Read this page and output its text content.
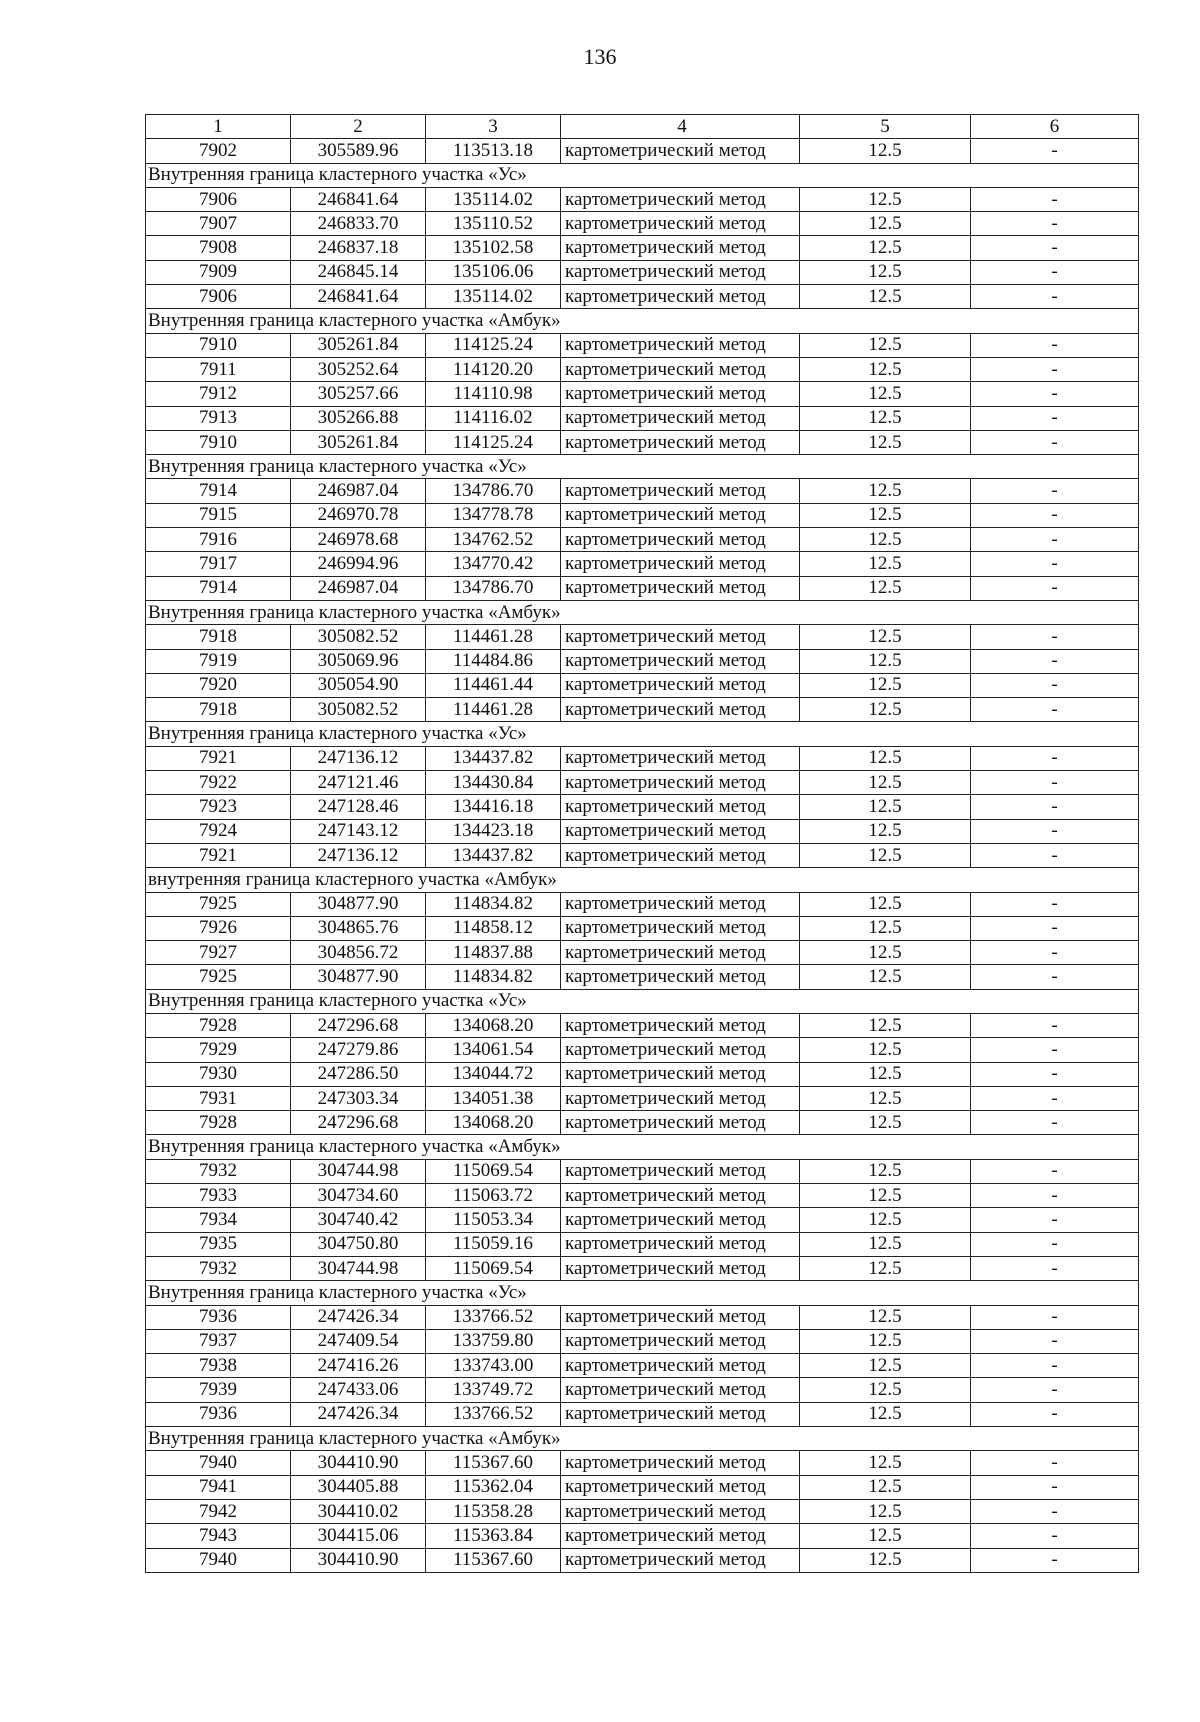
136
1	2	3	4	5	6
7902	305589.96	113513.18	картометрический метод	12.5	-
Внутренняя граница кластерного участка «Ус»					
7906	246841.64	135114.02	картометрический метод	12.5	-
7907	246833.70	135110.52	картометрический метод	12.5	-
7908	246837.18	135102.58	картометрический метод	12.5	-
7909	246845.14	135106.06	картометрический метод	12.5	-
7906	246841.64	135114.02	картометрический метод	12.5	-
Внутренняя граница кластерного участка «Амбук»					
7910	305261.84	114125.24	картометрический метод	12.5	-
7911	305252.64	114120.20	картометрический метод	12.5	-
7912	305257.66	114110.98	картометрический метод	12.5	-
7913	305266.88	114116.02	картометрический метод	12.5	-
7910	305261.84	114125.24	картометрический метод	12.5	-
Внутренняя граница кластерного участка «Ус»					
7914	246987.04	134786.70	картометрический метод	12.5	-
7915	246970.78	134778.78	картометрический метод	12.5	-
7916	246978.68	134762.52	картометрический метод	12.5	-
7917	246994.96	134770.42	картометрический метод	12.5	-
7914	246987.04	134786.70	картометрический метод	12.5	-
Внутренняя граница кластерного участка «Амбук»					
7918	305082.52	114461.28	картометрический метод	12.5	-
7919	305069.96	114484.86	картометрический метод	12.5	-
7920	305054.90	114461.44	картометрический метод	12.5	-
7918	305082.52	114461.28	картометрический метод	12.5	-
Внутренняя граница кластерного участка «Ус»					
7921	247136.12	134437.82	картометрический метод	12.5	-
7922	247121.46	134430.84	картометрический метод	12.5	-
7923	247128.46	134416.18	картометрический метод	12.5	-
7924	247143.12	134423.18	картометрический метод	12.5	-
7921	247136.12	134437.82	картометрический метод	12.5	-
внутренняя граница кластерного участка «Амбук»					
7925	304877.90	114834.82	картометрический метод	12.5	-
7926	304865.76	114858.12	картометрический метод	12.5	-
7927	304856.72	114837.88	картометрический метод	12.5	-
7925	304877.90	114834.82	картометрический метод	12.5	-
Внутренняя граница кластерного участка «Ус»					
7928	247296.68	134068.20	картометрический метод	12.5	-
7929	247279.86	134061.54	картометрический метод	12.5	-
7930	247286.50	134044.72	картометрический метод	12.5	-
7931	247303.34	134051.38	картометрический метод	12.5	-
7928	247296.68	134068.20	картометрический метод	12.5	-
Внутренняя граница кластерного участка «Амбук»					
7932	304744.98	115069.54	картометрический метод	12.5	-
7933	304734.60	115063.72	картометрический метод	12.5	-
7934	304740.42	115053.34	картометрический метод	12.5	-
7935	304750.80	115059.16	картометрический метод	12.5	-
7932	304744.98	115069.54	картометрический метод	12.5	-
Внутренняя граница кластерного участка «Ус»					
7936	247426.34	133766.52	картометрический метод	12.5	-
7937	247409.54	133759.80	картометрический метод	12.5	-
7938	247416.26	133743.00	картометрический метод	12.5	-
7939	247433.06	133749.72	картометрический метод	12.5	-
7936	247426.34	133766.52	картометрический метод	12.5	-
Внутренняя граница кластерного участка «Амбук»					
7940	304410.90	115367.60	картометрический метод	12.5	-
7941	304405.88	115362.04	картометрический метод	12.5	-
7942	304410.02	115358.28	картометрический метод	12.5	-
7943	304415.06	115363.84	картометрический метод	12.5	-
7940	304410.90	115367.60	картометрический метод	12.5	-
